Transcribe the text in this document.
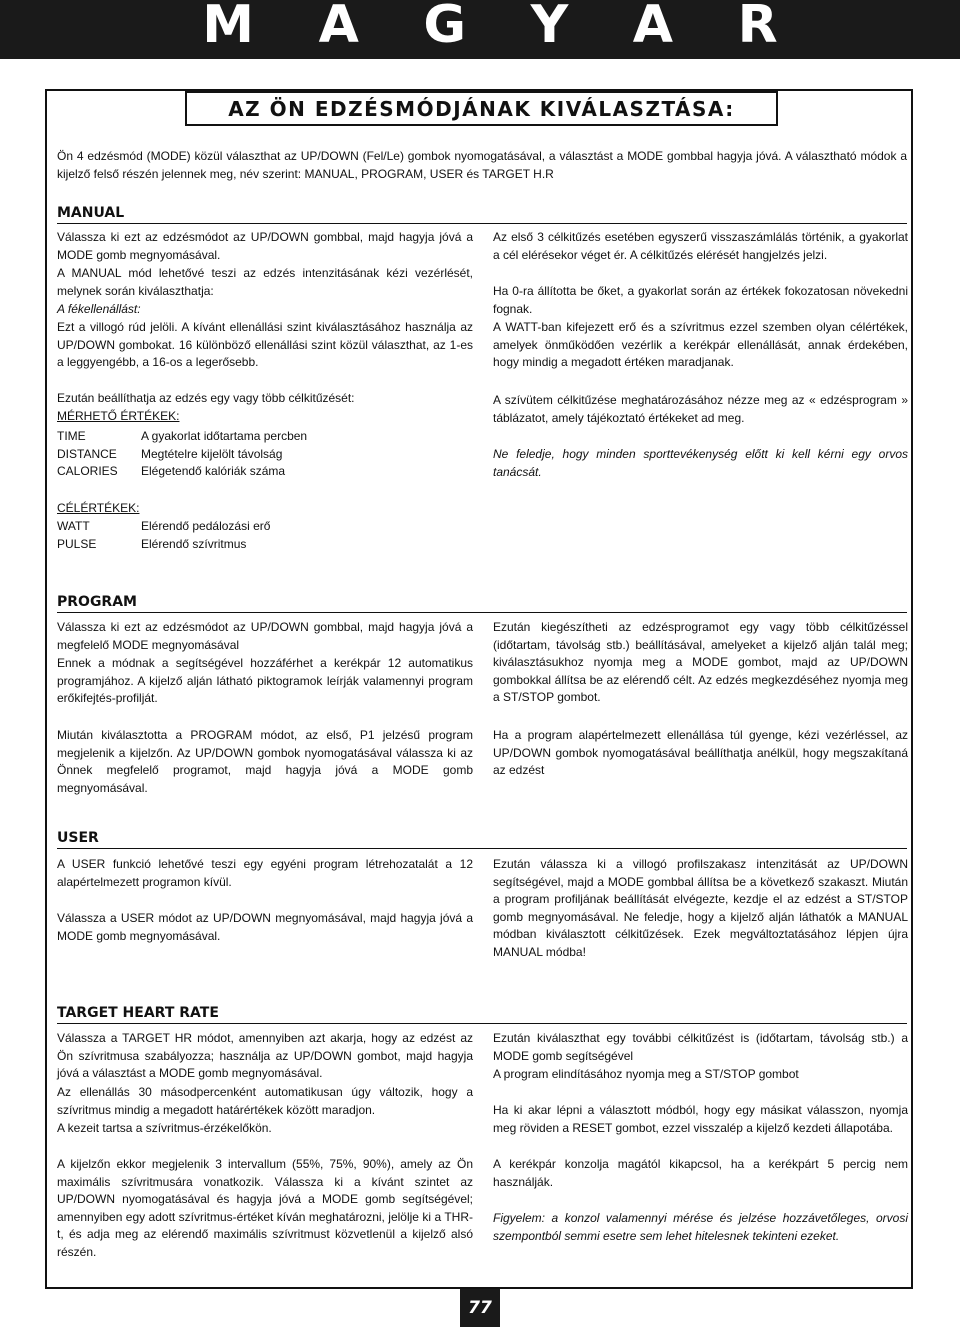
M A G Y A R
AZ ÖN EDZÉSMÓDJÁNAK KIVÁLASZTÁSA:

Ön 4 edzésmód (MODE) közül választhat az UP/DOWN (Fel/Le) gombok nyomogatásával, a választást a MODE gombbal hagyja jóvá. A választható módok a kijelző felső részén jelennek meg, név szerint: MANUAL, PROGRAM, USER és TARGET H.R

MANUAL

Válassza ki ezt az edzésmódot az UP/DOWN gombbal, majd hagyja jóvá a MODE gomb megnyomásával.

A MANUAL mód lehetővé teszi az edzés intenzitásának kézi vezérlését, melynek során kiválaszthatja:

A fékellenállást:

Ezt a villogó rúd jelöli. A kívánt ellenállási szint kiválasztásához használja az UP/DOWN gombokat. 16 különböző ellenállási szint közül választhat, az 1-es a leggyengébb, a 16-os a legerősebb.

Ezután beállíthatja az edzés egy vagy több célkitűzését:

MÉRHETŐ ÉRTÉKEK:

TIME	A gyakorlat időtartama percben
DISTANCE	Megtételre kijelölt távolság
CALORIES	Elégetendő kalóriák száma

CÉLÉRTÉKEK:

WATT	Elérendő pedálozási erő
PULSE	Elérendő szívritmus

Az első 3 célkitűzés esetében egyszerű visszaszámlálás történik, a gyakorlat a cél elérésekor véget ér. A célkitűzés elérését hangjelzés jelzi.

Ha 0-ra állította be őket, a gyakorlat során az értékek fokozatosan növekedni fognak.

A WATT-ban kifejezett erő és a szívritmus ezzel szemben olyan célértékek, amelyek önműködően vezérlik a kerékpár ellenállását, annak érdekében, hogy mindig a megadott értéken maradjanak.

A szívütem célkitűzése meghatározásához nézze meg az « edzésprogram » táblázatot, amely tájékoztató értékeket ad meg.

Ne feledje, hogy minden sporttevékenység előtt ki kell kérni egy orvos tanácsát.

PROGRAM

Válassza ki ezt az edzésmódot az UP/DOWN gombbal, majd hagyja jóvá a megfelelő MODE megnyomásával

Ennek a módnak a segítségével hozzáférhet a kerékpár 12 automatikus programjához. A kijelző alján látható piktogramok leírják valamennyi program erőkifejtés-profilját.

Miután kiválasztotta a PROGRAM módot, az első, P1 jelzésű program megjelenik a kijelzőn. Az UP/DOWN gombok nyomogatásával válassza ki az Önnek megfelelő programot, majd hagyja jóvá a MODE gomb megnyomásával.

Ezután kiegészítheti az edzésprogramot egy vagy több célkitűzéssel (időtartam, távolság stb.) beállításával, amelyeket a kijelző alján talál meg; kiválasztásukhoz nyomja meg a MODE gombot, majd az UP/DOWN gombokkal állítsa be az elérendő célt. Az edzés megkezdéséhez nyomja meg a ST/STOP gombot.

Ha a program alapértelmezett ellenállása túl gyenge, kézi vezérléssel, az UP/DOWN gombok nyomogatásával beállíthatja anélkül, hogy megszakítaná az edzést

USER

A USER funkció lehetővé teszi egy egyéni program létrehozatalát a 12 alapértelmezett programon kívül.

Válassza a USER módot az UP/DOWN megnyomásával, majd hagyja jóvá a MODE gomb megnyomásával.

Ezután válassza ki a villogó profilszakasz intenzitását az UP/DOWN segítségével, majd a MODE gombbal állítsa be a következő szakaszt. Miután a program profiljának beállítását elvégezte, kezdje el az edzést a ST/STOP gomb megnyomásával. Ne feledje, hogy a kijelző alján láthatók a MANUAL módban kiválasztott célkitűzések. Ezek megváltoztatásához lépjen újra MANUAL módba!

TARGET HEART RATE

Válassza a TARGET HR módot, amennyiben azt akarja, hogy az edzést az Ön szívritmusa szabályozza; használja az UP/DOWN gombot, majd hagyja jóvá a választást a MODE gomb megnyomásával.

Az ellenállás 30 másodpercenként automatikusan úgy változik, hogy a szívritmus mindig a megadott határértékek között maradjon.

A kezeit tartsa a szívritmus-érzékelőkön.

A kijelzőn ekkor megjelenik 3 intervallum (55%, 75%, 90%), amely az Ön maximális szívritmusára vonatkozik. Válassza ki a kívánt szintet az UP/DOWN nyomogatásával és hagyja jóvá a MODE gomb segítségével; amennyiben egy adott szívritmus-értéket kíván meghatározni, jelölje ki a THR-t, és adja meg az elérendő maximális szívritmust közvetlenül a kijelző alsó részén.

Ezután kiválaszthat egy további célkitűzést is (időtartam, távolság stb.) a MODE gomb segítségével

A program elindításához nyomja meg a ST/STOP gombot

Ha ki akar lépni a választott módból, hogy egy másikat válasszon, nyomja meg röviden a RESET gombot, ezzel visszalép a kijelző kezdeti állapotába.

A kerékpár konzolja magától kikapcsol, ha a kerékpárt 5 percig nem használják.

Figyelem: a konzol valamennyi mérése és jelzése hozzávetőleges, orvosi szempontból semmi esetre sem lehet hitelesnek tekinteni ezeket.

77
